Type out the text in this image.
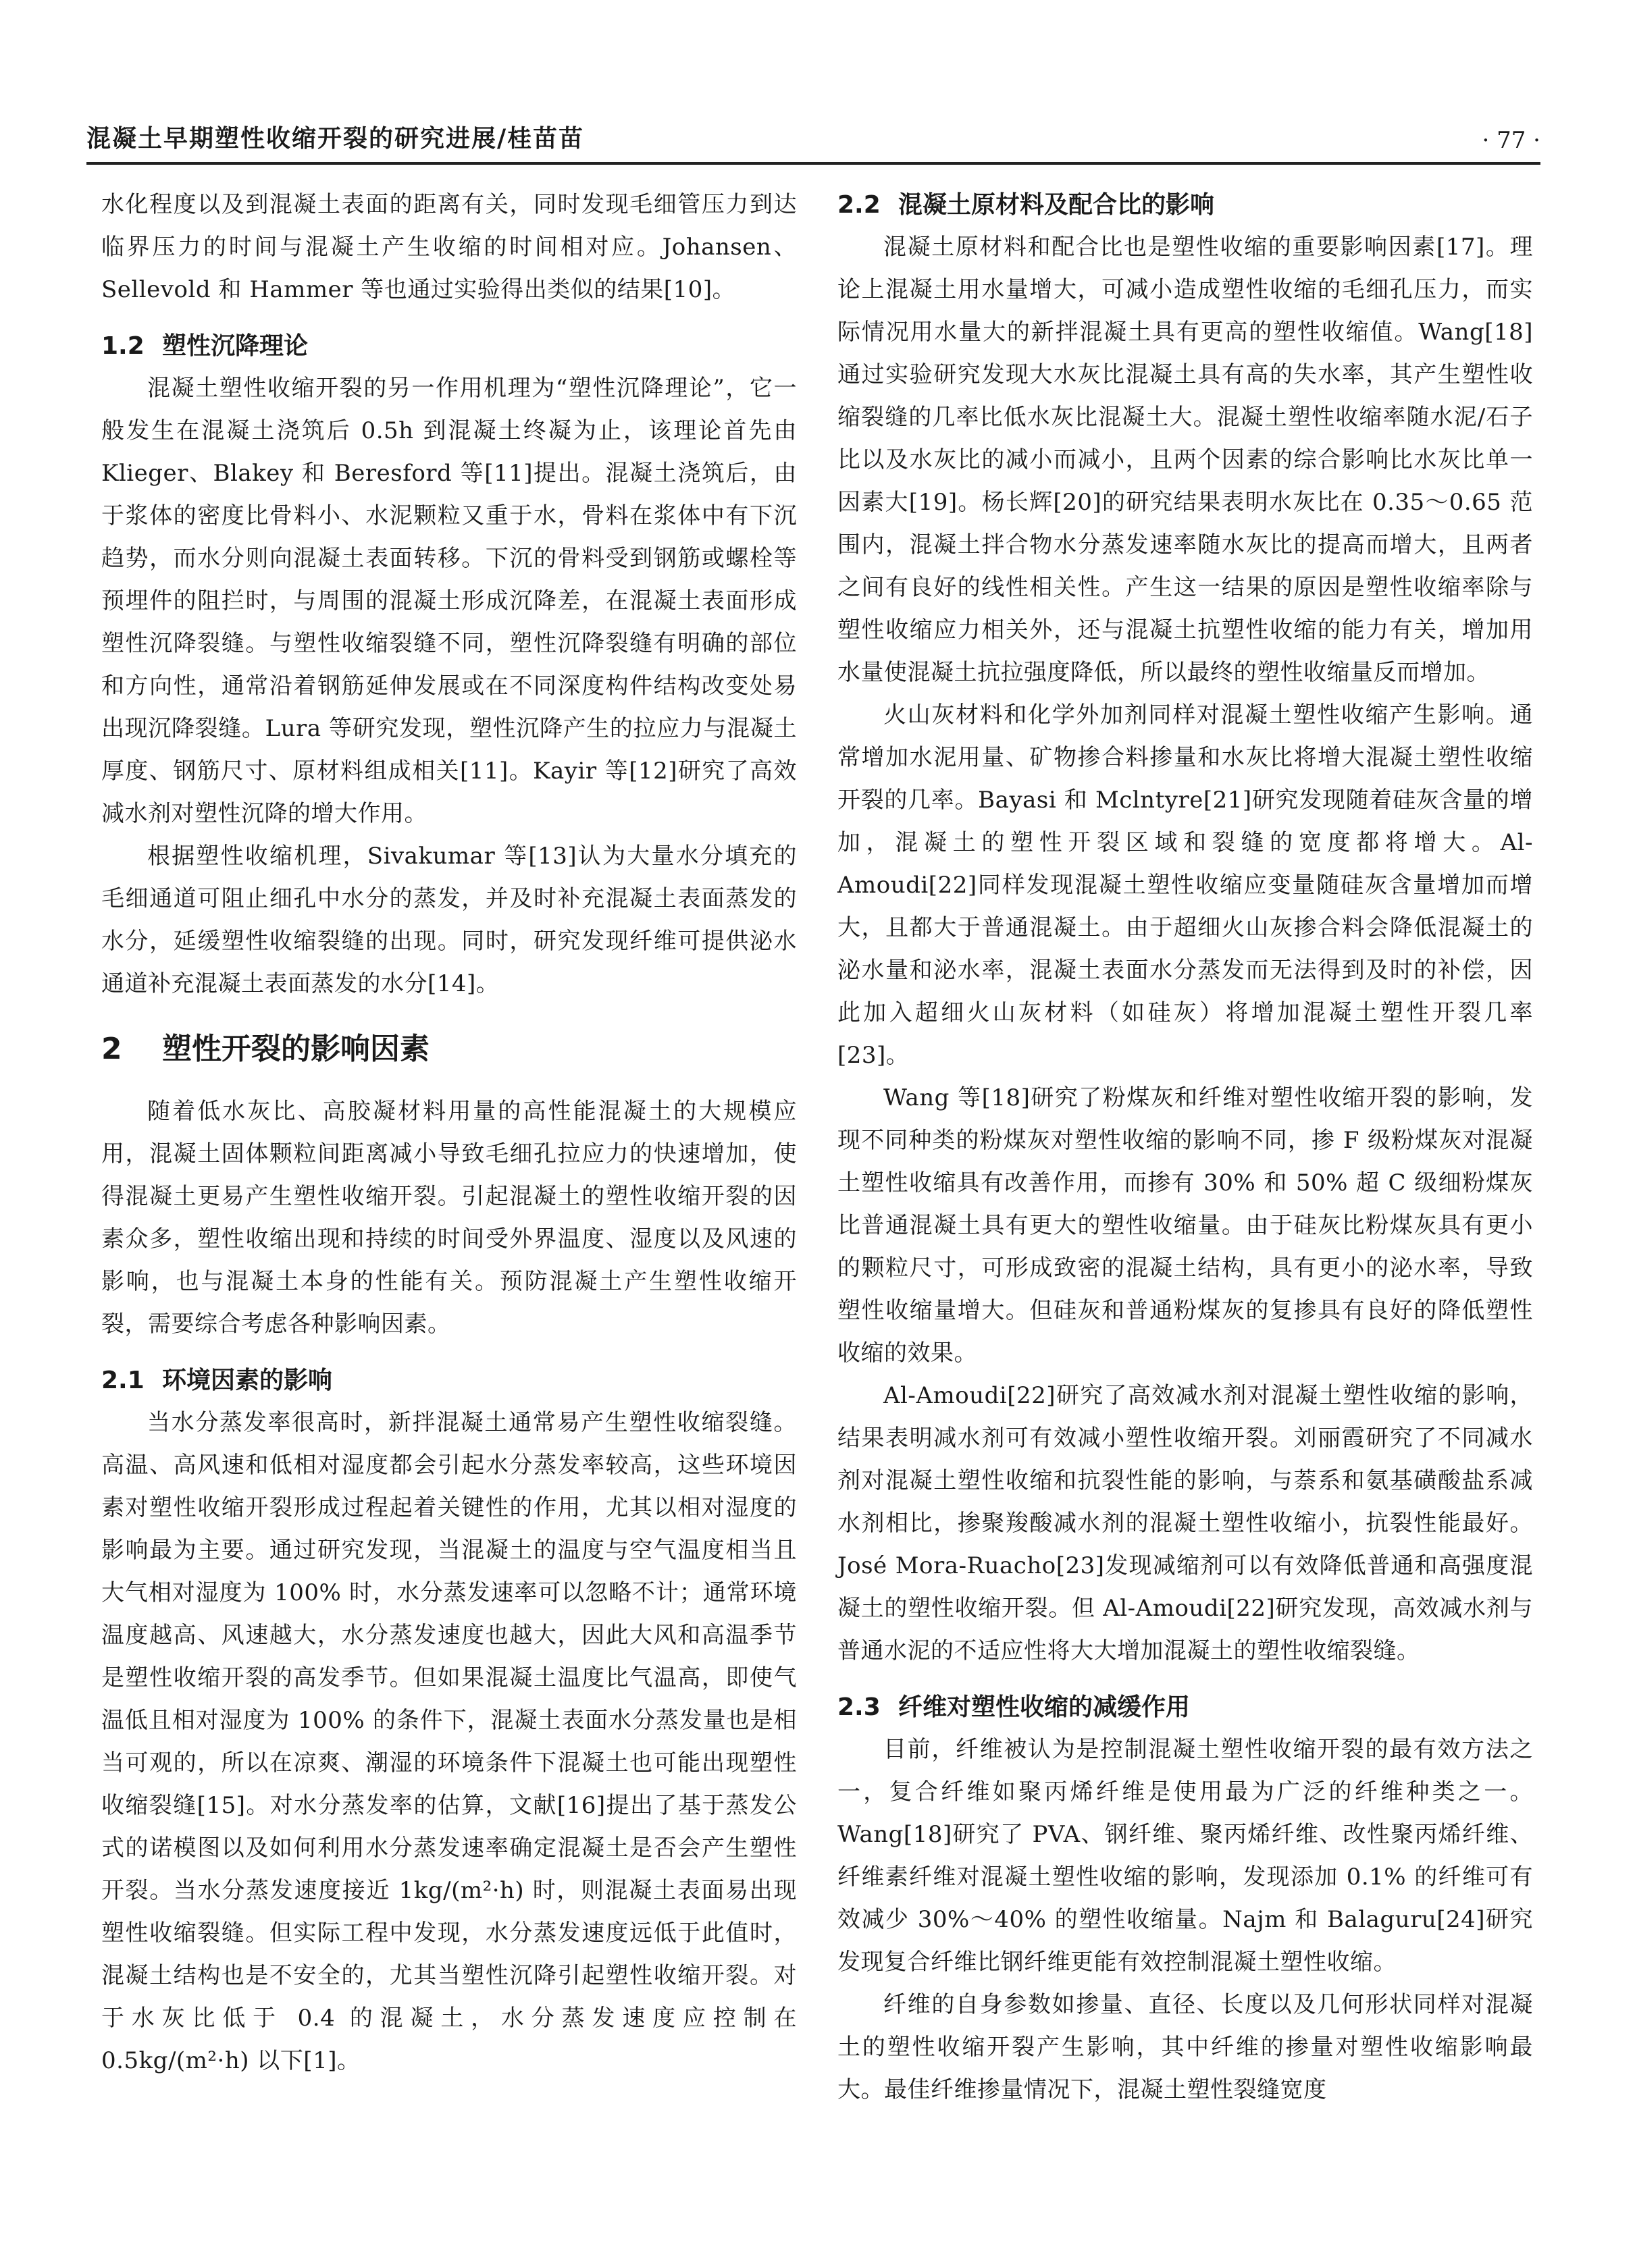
混凝土早期塑性收缩开裂的研究进展/桂苗苗	· 77 ·

水化程度以及到混凝土表面的距离有关，同时发现毛细管压力到达临界压力的时间与混凝土产生收缩的时间相对应。Johansen、Sellevold 和 Hammer 等也通过实验得出类似的结果[10]。

1.2 塑性沉降理论

混凝土塑性收缩开裂的另一作用机理为“塑性沉降理论”，它一般发生在混凝土浇筑后 0.5h 到混凝土终凝为止，该理论首先由 Klieger、Blakey 和 Beresford 等[11]提出。混凝土浇筑后，由于浆体的密度比骨料小、水泥颗粒又重于水，骨料在浆体中有下沉趋势，而水分则向混凝土表面转移。下沉的骨料受到钢筋或螺栓等预埋件的阻拦时，与周围的混凝土形成沉降差，在混凝土表面形成塑性沉降裂缝。与塑性收缩裂缝不同，塑性沉降裂缝有明确的部位和方向性，通常沿着钢筋延伸发展或在不同深度构件结构改变处易出现沉降裂缝。Lura 等研究发现，塑性沉降产生的拉应力与混凝土厚度、钢筋尺寸、原材料组成相关[11]。Kayir 等[12]研究了高效减水剂对塑性沉降的增大作用。

根据塑性收缩机理，Sivakumar 等[13]认为大量水分填充的毛细通道可阻止细孔中水分的蒸发，并及时补充混凝土表面蒸发的水分，延缓塑性收缩裂缝的出现。同时，研究发现纤维可提供泌水通道补充混凝土表面蒸发的水分[14]。

2 塑性开裂的影响因素

随着低水灰比、高胶凝材料用量的高性能混凝土的大规模应用，混凝土固体颗粒间距离减小导致毛细孔拉应力的快速增加，使得混凝土更易产生塑性收缩开裂。引起混凝土的塑性收缩开裂的因素众多，塑性收缩出现和持续的时间受外界温度、湿度以及风速的影响，也与混凝土本身的性能有关。预防混凝土产生塑性收缩开裂，需要综合考虑各种影响因素。

2.1 环境因素的影响

当水分蒸发率很高时，新拌混凝土通常易产生塑性收缩裂缝。高温、高风速和低相对湿度都会引起水分蒸发率较高，这些环境因素对塑性收缩开裂形成过程起着关键性的作用，尤其以相对湿度的影响最为主要。通过研究发现，当混凝土的温度与空气温度相当且大气相对湿度为 100% 时，水分蒸发速率可以忽略不计；通常环境温度越高、风速越大，水分蒸发速度也越大，因此大风和高温季节是塑性收缩开裂的高发季节。但如果混凝土温度比气温高，即使气温低且相对湿度为 100% 的条件下，混凝土表面水分蒸发量也是相当可观的，所以在凉爽、潮湿的环境条件下混凝土也可能出现塑性收缩裂缝[15]。对水分蒸发率的估算，文献[16]提出了基于蒸发公式的诺模图以及如何利用水分蒸发速率确定混凝土是否会产生塑性开裂。当水分蒸发速度接近 1kg/(m²·h) 时，则混凝土表面易出现塑性收缩裂缝。但实际工程中发现，水分蒸发速度远低于此值时，混凝土结构也是不安全的，尤其当塑性沉降引起塑性收缩开裂。对于水灰比低于 0.4 的混凝土，水分蒸发速度应控制在 0.5kg/(m²·h) 以下[1]。

2.2 混凝土原材料及配合比的影响

混凝土原材料和配合比也是塑性收缩的重要影响因素[17]。理论上混凝土用水量增大，可减小造成塑性收缩的毛细孔压力，而实际情况用水量大的新拌混凝土具有更高的塑性收缩值。Wang[18]通过实验研究发现大水灰比混凝土具有高的失水率，其产生塑性收缩裂缝的几率比低水灰比混凝土大。混凝土塑性收缩率随水泥/石子比以及水灰比的减小而减小，且两个因素的综合影响比水灰比单一因素大[19]。杨长辉[20]的研究结果表明水灰比在 0.35～0.65 范围内，混凝土拌合物水分蒸发速率随水灰比的提高而增大，且两者之间有良好的线性相关性。产生这一结果的原因是塑性收缩率除与塑性收缩应力相关外，还与混凝土抗塑性收缩的能力有关，增加用水量使混凝土抗拉强度降低，所以最终的塑性收缩量反而增加。

火山灰材料和化学外加剂同样对混凝土塑性收缩产生影响。通常增加水泥用量、矿物掺合料掺量和水灰比将增大混凝土塑性收缩开裂的几率。Bayasi 和 Mclntyre[21]研究发现随着硅灰含量的增加，混凝土的塑性开裂区域和裂缝的宽度都将增大。Al-Amoudi[22]同样发现混凝土塑性收缩应变量随硅灰含量增加而增大，且都大于普通混凝土。由于超细火山灰掺合料会降低混凝土的泌水量和泌水率，混凝土表面水分蒸发而无法得到及时的补偿，因此加入超细火山灰材料（如硅灰）将增加混凝土塑性开裂几率[23]。

Wang 等[18]研究了粉煤灰和纤维对塑性收缩开裂的影响，发现不同种类的粉煤灰对塑性收缩的影响不同，掺 F 级粉煤灰对混凝土塑性收缩具有改善作用，而掺有 30% 和 50% 超 C 级细粉煤灰比普通混凝土具有更大的塑性收缩量。由于硅灰比粉煤灰具有更小的颗粒尺寸，可形成致密的混凝土结构，具有更小的泌水率，导致塑性收缩量增大。但硅灰和普通粉煤灰的复掺具有良好的降低塑性收缩的效果。

Al-Amoudi[22]研究了高效减水剂对混凝土塑性收缩的影响，结果表明减水剂可有效减小塑性收缩开裂。刘丽霞研究了不同减水剂对混凝土塑性收缩和抗裂性能的影响，与萘系和氨基磺酸盐系减水剂相比，掺聚羧酸减水剂的混凝土塑性收缩小，抗裂性能最好。José Mora-Ruacho[23]发现减缩剂可以有效降低普通和高强度混凝土的塑性收缩开裂。但 Al-Amoudi[22]研究发现，高效减水剂与普通水泥的不适应性将大大增加混凝土的塑性收缩裂缝。

2.3 纤维对塑性收缩的减缓作用

目前，纤维被认为是控制混凝土塑性收缩开裂的最有效方法之一，复合纤维如聚丙烯纤维是使用最为广泛的纤维种类之一。Wang[18]研究了 PVA、钢纤维、聚丙烯纤维、改性聚丙烯纤维、纤维素纤维对混凝土塑性收缩的影响，发现添加 0.1% 的纤维可有效减少 30%～40% 的塑性收缩量。Najm 和 Balaguru[24]研究发现复合纤维比钢纤维更能有效控制混凝土塑性收缩。

纤维的自身参数如掺量、直径、长度以及几何形状同样对混凝土的塑性收缩开裂产生影响，其中纤维的掺量对塑性收缩影响最大。最佳纤维掺量情况下，混凝土塑性裂缝宽度
